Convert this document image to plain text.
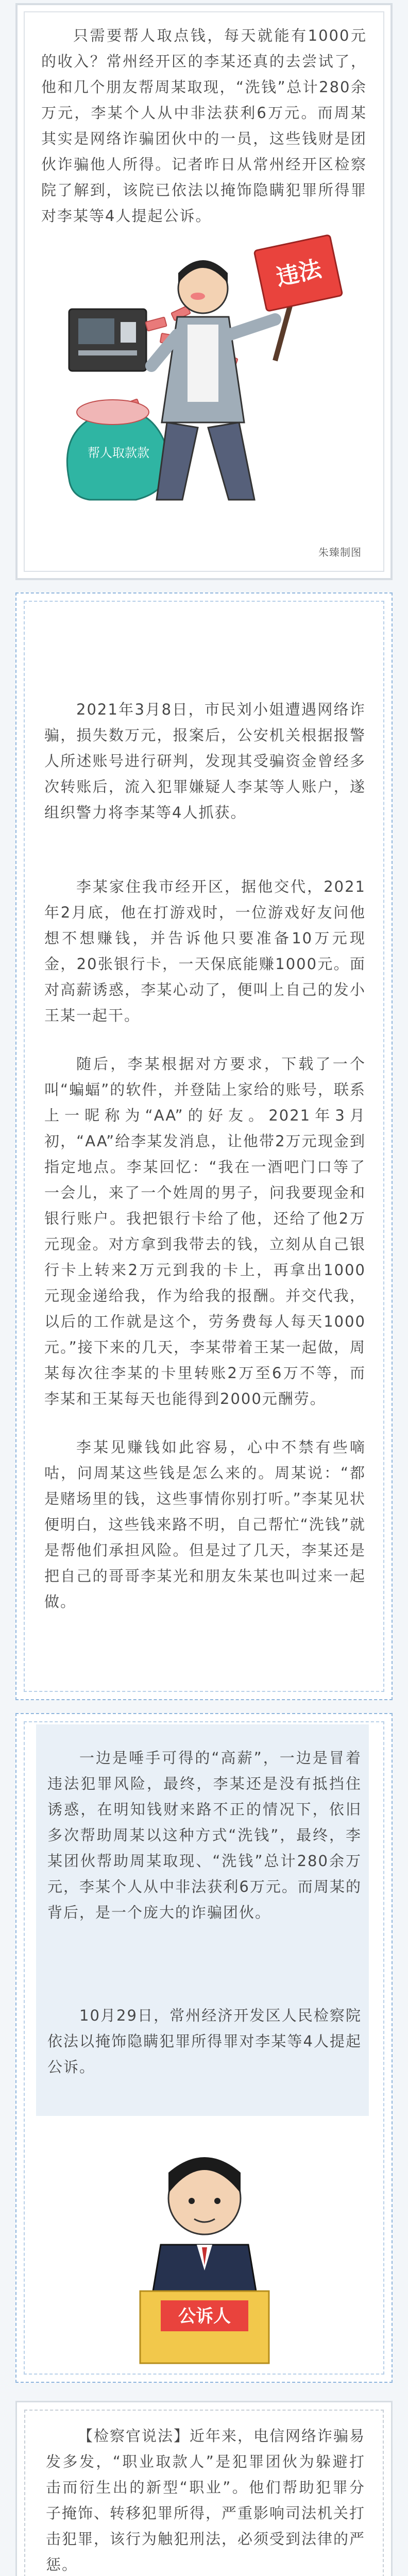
只需要帮人取点钱，每天就能有1000元的收入？常州经开区的李某还真的去尝试了，他和几个朋友帮周某取现，“洗钱”总计280余万元，李某个人从中非法获利6万元。而周某其实是网络诈骗团伙中的一员，这些钱财是团伙诈骗他人所得。记者昨日从常州经开区检察院了解到，该院已依法以掩饰隐瞒犯罪所得罪对李某等4人提起公诉。

帮人取款款
违法
朱臻制图

2021年3月8日，市民刘小姐遭遇网络诈骗，损失数万元，报案后，公安机关根据报警人所述账号进行研判，发现其受骗资金曾经多次转账后，流入犯罪嫌疑人李某等人账户，遂组织警力将李某等4人抓获。

李某家住我市经开区，据他交代，2021年2月底，他在打游戏时，一位游戏好友问他想不想赚钱，并告诉他只要准备10万元现金，20张银行卡，一天保底能赚1000元。面对高薪诱惑，李某心动了，便叫上自己的发小王某一起干。

随后，李某根据对方要求，下载了一个叫“蝙蝠”的软件，并登陆上家给的账号，联系上一昵称为“AA”的好友。2021年3月初，“AA”给李某发消息，让他带2万元现金到指定地点。李某回忆：“我在一酒吧门口等了一会儿，来了一个姓周的男子，问我要现金和银行账户。我把银行卡给了他，还给了他2万元现金。对方拿到我带去的钱，立刻从自己银行卡上转来2万元到我的卡上，再拿出1000元现金递给我，作为给我的报酬。并交代我，以后的工作就是这个，劳务费每人每天1000元。”接下来的几天，李某带着王某一起做，周某每次往李某的卡里转账2万至6万不等，而李某和王某每天也能得到2000元酬劳。

李某见赚钱如此容易，心中不禁有些嘀咕，问周某这些钱是怎么来的。周某说：“都是赌场里的钱，这些事情你别打听。”李某见状便明白，这些钱来路不明，自己帮忙“洗钱”就是帮他们承担风险。但是过了几天，李某还是把自己的哥哥李某光和朋友朱某也叫过来一起做。

一边是唾手可得的“高薪”，一边是冒着违法犯罪风险，最终，李某还是没有抵挡住诱惑，在明知钱财来路不正的情况下，依旧多次帮助周某以这种方式“洗钱”，最终，李某团伙帮助周某取现、“洗钱”总计280余万元，李某个人从中非法获利6万元。而周某的背后，是一个庞大的诈骗团伙。

10月29日，常州经济开发区人民检察院依法以掩饰隐瞒犯罪所得罪对李某等4人提起公诉。

公诉人

【检察官说法】近年来，电信网络诈骗易发多发，“职业取款人”是犯罪团伙为躲避打击而衍生出的新型“职业”。他们帮助犯罪分子掩饰、转移犯罪所得，严重影响司法机关打击犯罪，该行为触犯刑法，必须受到法律的严惩。
